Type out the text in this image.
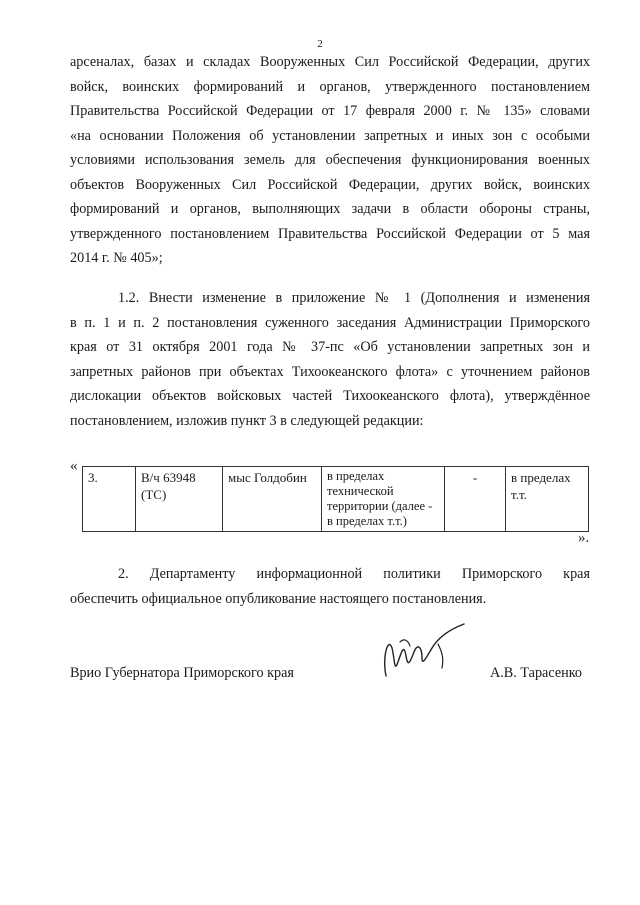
2
арсеналах, базах и складах Вооруженных Сил Российской Федерации, других
войск, воинских формирований и органов, утвержденного постановлением
Правительства Российской Федерации от 17 февраля 2000 г. № 135» словами
«на основании Положения об установлении запретных и иных зон с особыми
условиями использования земель для обеспечения функционирования военных
объектов Вооруженных Сил Российской Федерации, других войск, воинских
формирований и органов, выполняющих задачи в области обороны страны,
утвержденного постановлением Правительства Российской Федерации от 5 мая
2014 г. № 405»;
1.2. Внести изменение в приложение № 1 (Дополнения и изменения
в п. 1 и п. 2 постановления суженного заседания Администрации Приморского
края от 31 октября 2001 года № 37-пс «Об установлении запретных зон и
запретных районов при объектах Тихоокеанского флота» с уточнением районов
дислокации объектов войсковых частей Тихоокеанского флота), утверждённое
постановлением, изложив пункт 3 в следующей редакции:
«
3.	В/ч 63948
(ТС)
	мыс Голдобин	в пределах технической территории (далее - в пределах т.т.)	-	в пределах т.т.
».
2. Департаменту информационной политики Приморского края
обеспечить официальное опубликование настоящего постановления.
Врио Губернатора Приморского края	А.В. Тарасенко
